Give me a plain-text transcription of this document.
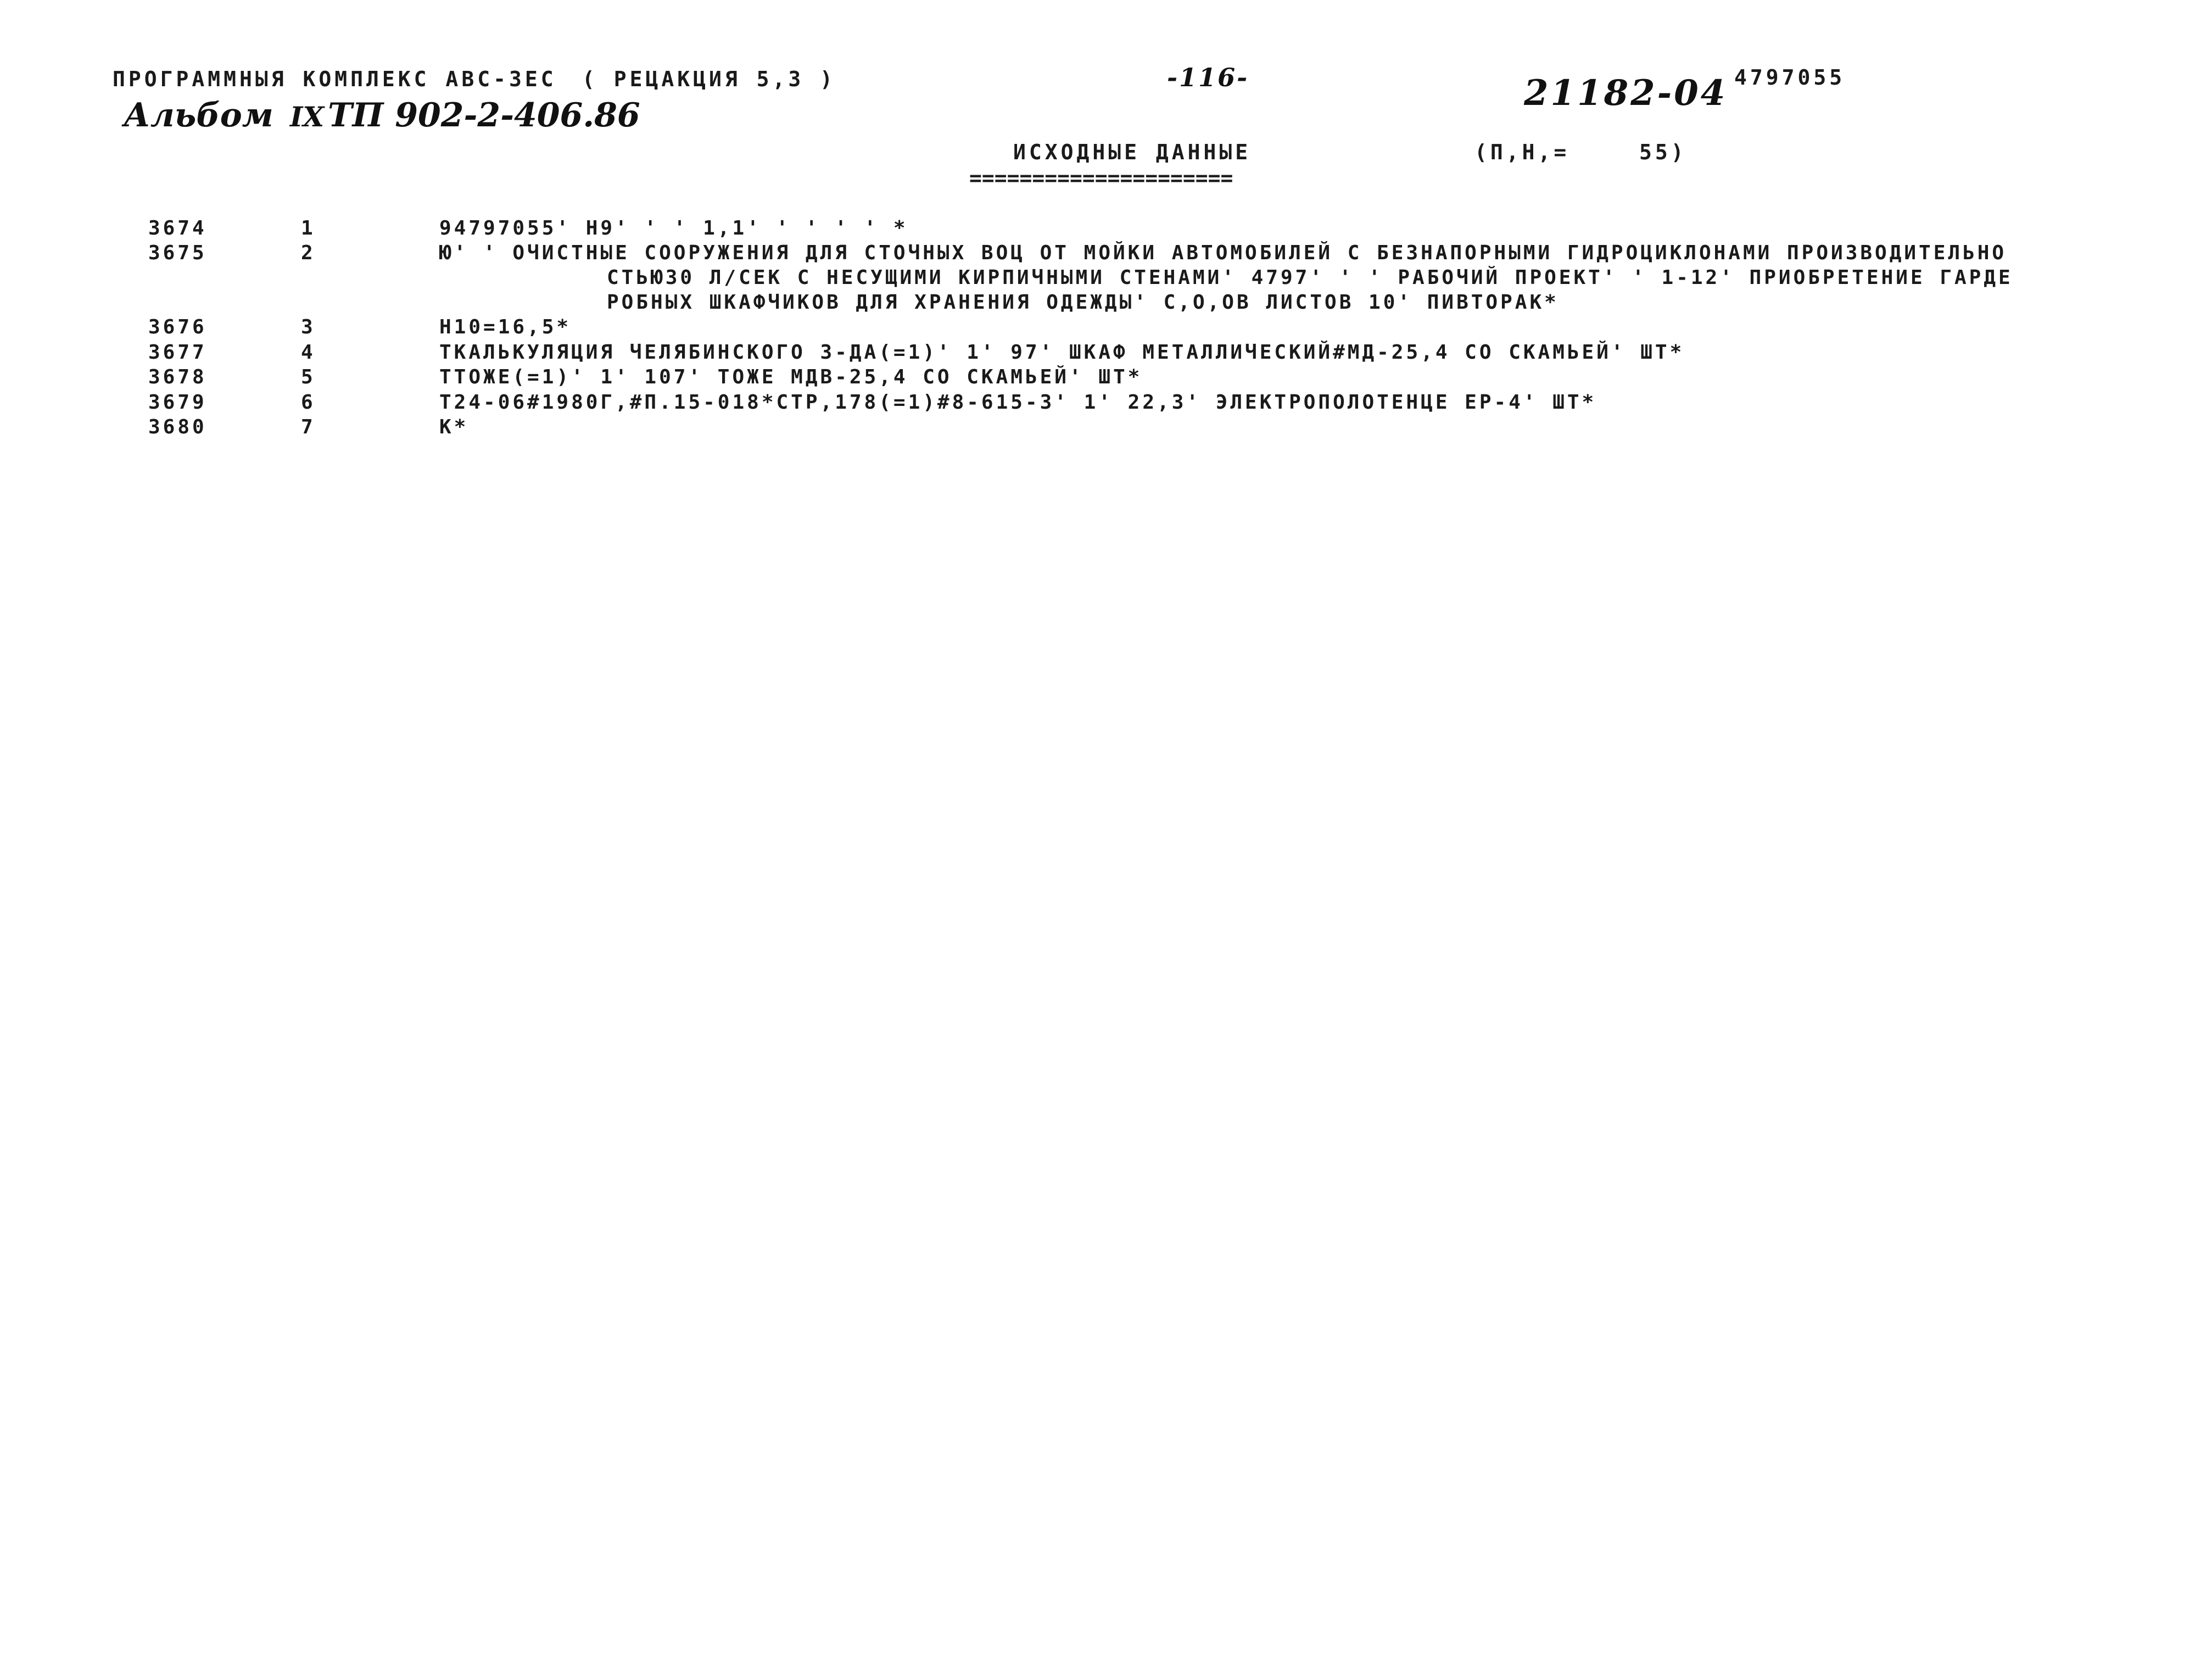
ПРОГРАММНЫЯ КОМПЛЕКС АВС-ЗЕС ( РЕЦАКЦИЯ 5,3 )	-116-	4797055
Альбом IX ТП 902-2-406.86
21182-04
ИСХОДНЫЕ ДАННЫЕ
=====================
(П,Н,=	55)
3674	1	94797055' Н9' ' ' 1,1' ' ' ' ' *
3675	2	Ю' ' ОЧИСТНЫЕ СООРУЖЕНИЯ ДЛЯ СТОЧНЫХ ВОЦ ОТ МОЙКИ АВТОМОБИЛЕЙ С БЕЗНАПОРНЫМИ ГИДРОЦИКЛОНАМИ ПРОИЗВОДИТЕЛЬНО
СТЬЮ30 Л/СЕК С НЕСУЩИМИ КИРПИЧНЫМИ СТЕНАМИ' 4797' ' ' РАБОЧИЙ ПРОЕКТ' ' 1-12' ПРИОБРЕТЕНИЕ ГАРДЕ
РОБНЫХ ШКАФЧИКОВ ДЛЯ ХРАНЕНИЯ ОДЕЖДЫ' С,О,ОВ ЛИСТОВ 10' ПИВТОРАК*
3676	3	Н10=16,5*
3677	4	ТКАЛЬКУЛЯЦИЯ ЧЕЛЯБИНСКОГО З-ДА(=1)' 1' 97' ШКАФ МЕТАЛЛИЧЕСКИЙ#МД-25,4 СО СКАМЬЕЙ' ШТ*
3678	5	ТТОЖЕ(=1)' 1' 107' ТОЖЕ МДВ-25,4 СО СКАМЬЕЙ' ШТ*
3679	6	Т24-06#1980Г,#П.15-018*СТР,178(=1)#8-615-3' 1' 22,3' ЭЛЕКТРОПОЛОТЕНЦЕ ЕР-4' ШТ*
3680	7	К*
